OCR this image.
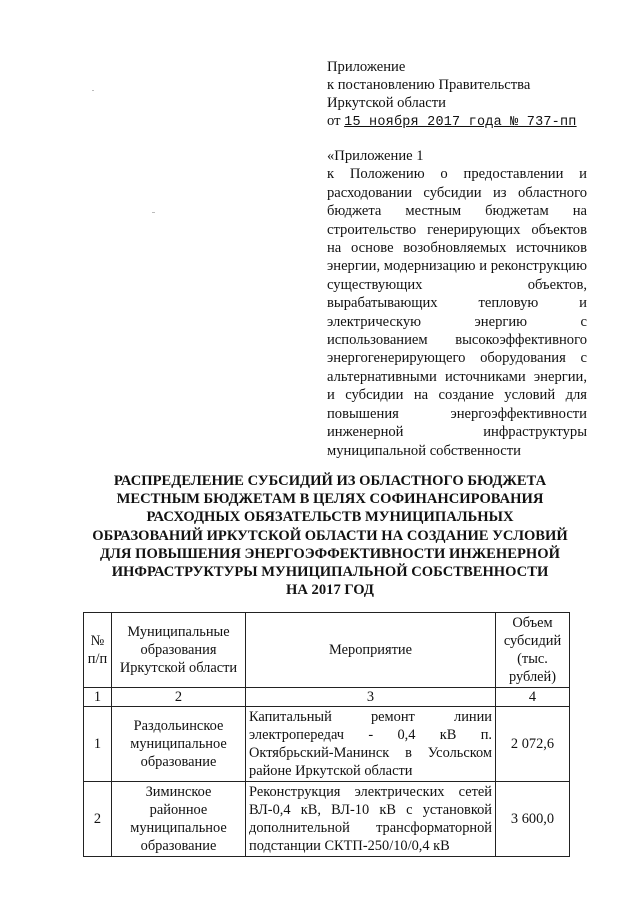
Приложение
к постановлению Правительства
Иркутской области
от 15 ноября 2017 года № 737-пп
«Приложение 1
к Положению о предоставлении и расходовании субсидии из областного бюджета местным бюджетам на строительство генерирующих объектов на основе возобновляемых источников энергии, модернизацию и реконструкцию существующих объектов, вырабатывающих тепловую и электрическую энергию с использованием высокоэффективного энергогенерирующего оборудования с альтернативными источниками энергии, и субсидии на создание условий для повышения энергоэффективности инженерной инфраструктуры муниципальной собственности
РАСПРЕДЕЛЕНИЕ СУБСИДИЙ ИЗ ОБЛАСТНОГО БЮДЖЕТА
МЕСТНЫМ БЮДЖЕТАМ В ЦЕЛЯХ СОФИНАНСИРОВАНИЯ
РАСХОДНЫХ ОБЯЗАТЕЛЬСТВ МУНИЦИПАЛЬНЫХ
ОБРАЗОВАНИЙ ИРКУТСКОЙ ОБЛАСТИ НА СОЗДАНИЕ УСЛОВИЙ
ДЛЯ ПОВЫШЕНИЯ ЭНЕРГОЭФФЕКТИВНОСТИ ИНЖЕНЕРНОЙ
ИНФРАСТРУКТУРЫ МУНИЦИПАЛЬНОЙ СОБСТВЕННОСТИ
НА 2017 ГОД
№ п/п	Муниципальные образования Иркутской области	Мероприятие	Объем субсидий (тыс. рублей)
1	2	3	4
1	Раздольинское муниципальное образование	Капитальный ремонт линии электропередач - 0,4 кВ п. Октябрьский-Манинск в Усольском районе Иркутской области	2 072,6
2	Зиминское районное муниципальное образование	Реконструкция электрических сетей ВЛ-0,4 кВ, ВЛ-10 кВ с установкой дополнительной трансформаторной подстанции СКТП-250/10/0,4 кВ	3 600,0
